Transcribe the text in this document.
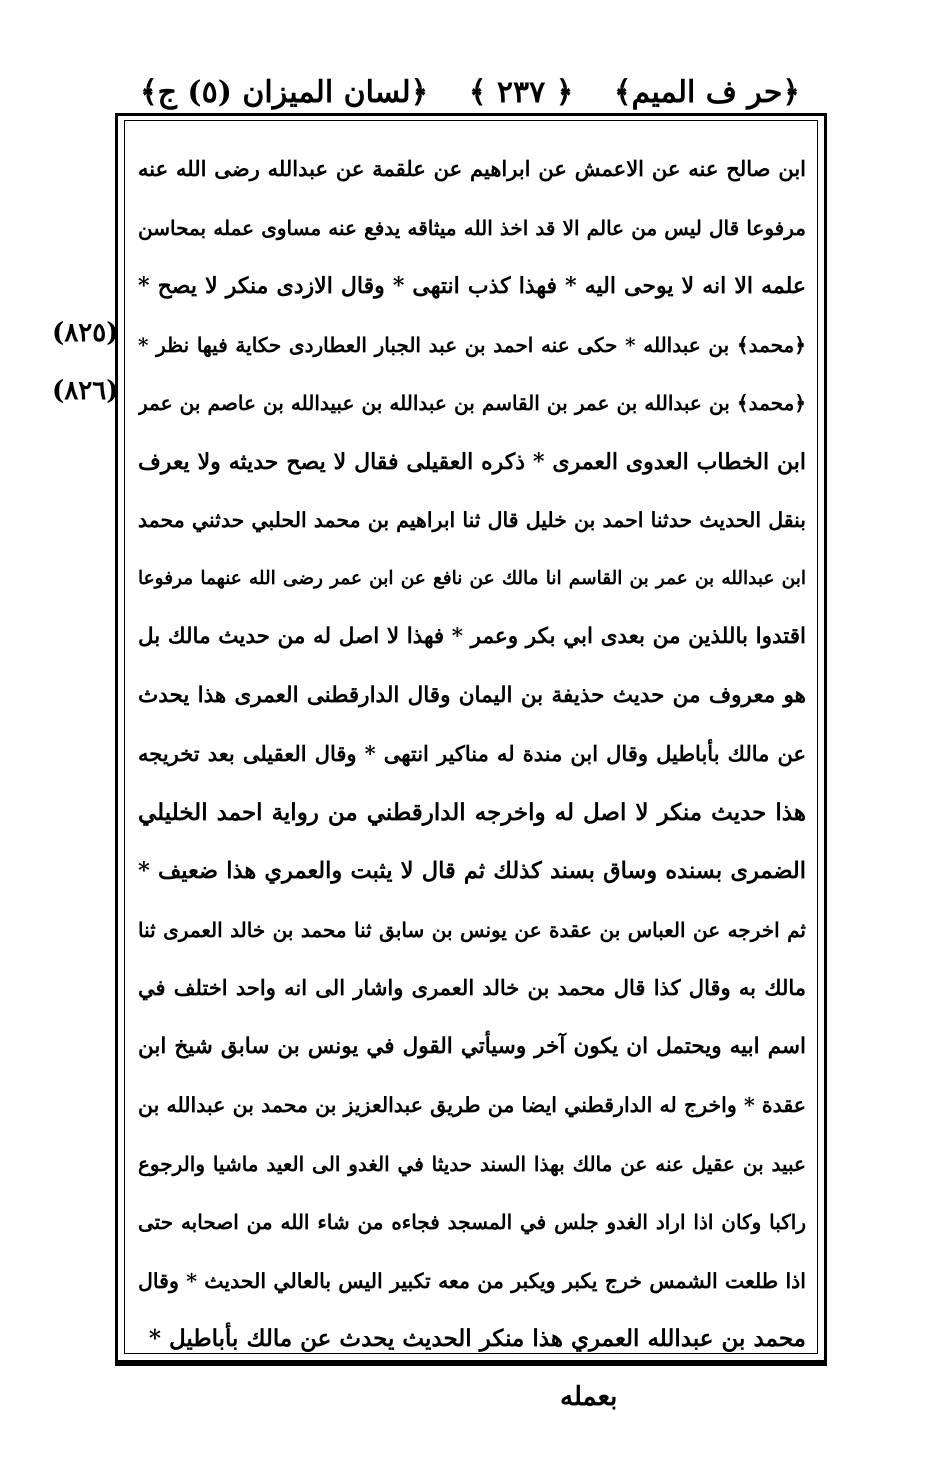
﴿حر ف الميم﴾
﴿ ٢٣٧ ﴾
﴿لسان الميزان (٥) ج﴾
(٨٢٥)
(٨٢٦)
ابن صالح عنه عن الاعمش عن ابراهيم عن علقمة عن عبدالله رضى الله عنه
مرفوعا قال ليس من عالم الا قد اخذ الله ميثاقه يدفع عنه مساوى عمله بمحاسن
علمه الا انه لا يوحى اليه * فهذا كذب انتهى * وقال الازدى منكر لا يصح *
﴿محمد﴾ بن عبدالله * حكى عنه احمد بن عبد الجبار العطاردى حكاية فيها نظر *
﴿محمد﴾ بن عبدالله بن عمر بن القاسم بن عبدالله بن عبيدالله بن عاصم بن عمر
ابن الخطاب العدوى العمرى * ذكره العقيلى فقال لا يصح حديثه ولا يعرف
بنقل الحديث حدثنا احمد بن خليل قال ثنا ابراهيم بن محمد الحلبي حدثني محمد
ابن عبدالله بن عمر بن القاسم انا مالك عن نافع عن ابن عمر رضى الله عنهما مرفوعا
اقتدوا باللذين من بعدى ابي بكر وعمر * فهذا لا اصل له من حديث مالك بل
هو معروف من حديث حذيفة بن اليمان وقال الدارقطنى العمرى هذا يحدث
عن مالك بأباطيل وقال ابن مندة له مناكير انتهى * وقال العقيلى بعد تخريجه
هذا حديث منكر لا اصل له واخرجه الدارقطني من رواية احمد الخليلي
الضمرى بسنده وساق بسند كذلك ثم قال لا يثبت والعمري هذا ضعيف *
ثم اخرجه عن العباس بن عقدة عن يونس بن سابق ثنا محمد بن خالد العمرى ثنا
مالك به وقال كذا قال محمد بن خالد العمرى واشار الى انه واحد اختلف في
اسم ابيه ويحتمل ان يكون آخر وسيأتي القول في يونس بن سابق شيخ ابن
عقدة * واخرج له الدارقطني ايضا من طريق عبدالعزيز بن محمد بن عبدالله بن
عبيد بن عقيل عنه عن مالك بهذا السند حديثا في الغدو الى العيد ماشيا والرجوع
راكبا وكان اذا اراد الغدو جلس في المسجد فجاءه من شاء الله من اصحابه حتى
اذا طلعت الشمس خرج يكبر ويكبر من معه تكبير اليس بالعالي الحديث * وقال
محمد بن عبدالله العمري هذا منكر الحديث يحدث عن مالك بأباطيل *
بعمله
